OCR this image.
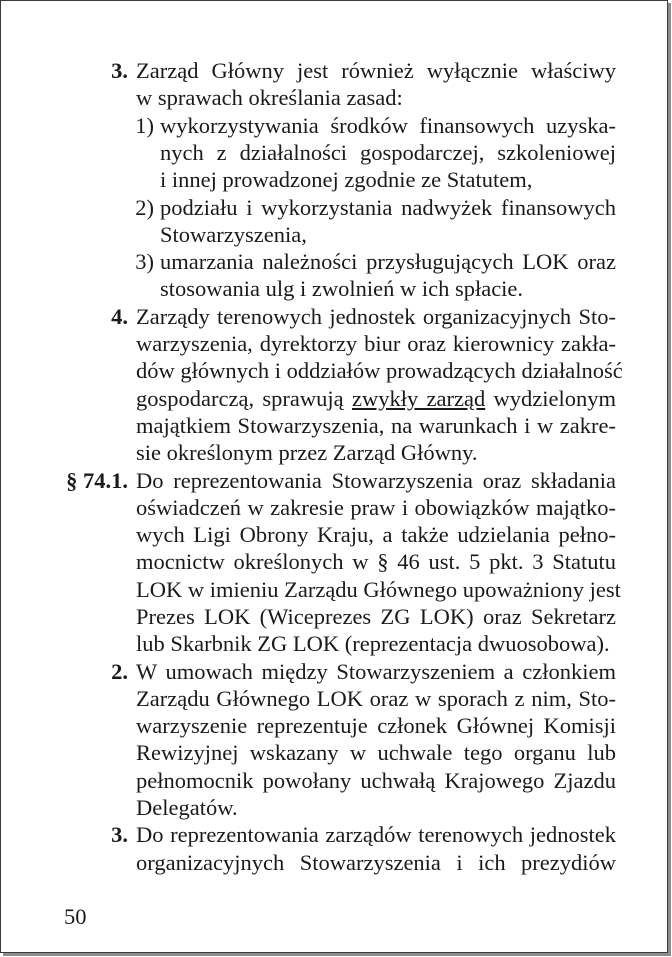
3. Zarząd Główny jest również wyłącznie właściwy
w sprawach określania zasad:
1) wykorzystywania środków finansowych uzyska-
nych z działalności gospodarczej, szkoleniowej
i innej prowadzonej zgodnie ze Statutem,
2) podziału i wykorzystania nadwyżek finansowych
Stowarzyszenia,
3) umarzania należności przysługujących LOK oraz
stosowania ulg i zwolnień w ich spłacie.
4. Zarządy terenowych jednostek organizacyjnych Sto-
warzyszenia, dyrektorzy biur oraz kierownicy zakła-
dów głównych i oddziałów prowadzących działalność
gospodarczą, sprawują zwykły zarząd wydzielonym
majątkiem Stowarzyszenia, na warunkach i w zakre-
sie określonym przez Zarząd Główny.
§ 74.1. Do reprezentowania Stowarzyszenia oraz składania
oświadczeń w zakresie praw i obowiązków majątko-
wych Ligi Obrony Kraju, a także udzielania pełno-
mocnictw określonych w § 46 ust. 5 pkt. 3 Statutu
LOK w imieniu Zarządu Głównego upoważniony jest
Prezes LOK (Wiceprezes ZG LOK) oraz Sekretarz
lub Skarbnik ZG LOK (reprezentacja dwuosobowa).
2. W umowach między Stowarzyszeniem a członkiem
Zarządu Głównego LOK oraz w sporach z nim, Sto-
warzyszenie reprezentuje członek Głównej Komisji
Rewizyjnej wskazany w uchwale tego organu lub
pełnomocnik powołany uchwałą Krajowego Zjazdu
Delegatów.
3. Do reprezentowania zarządów terenowych jednostek
organizacyjnych Stowarzyszenia i ich prezydiów
50
